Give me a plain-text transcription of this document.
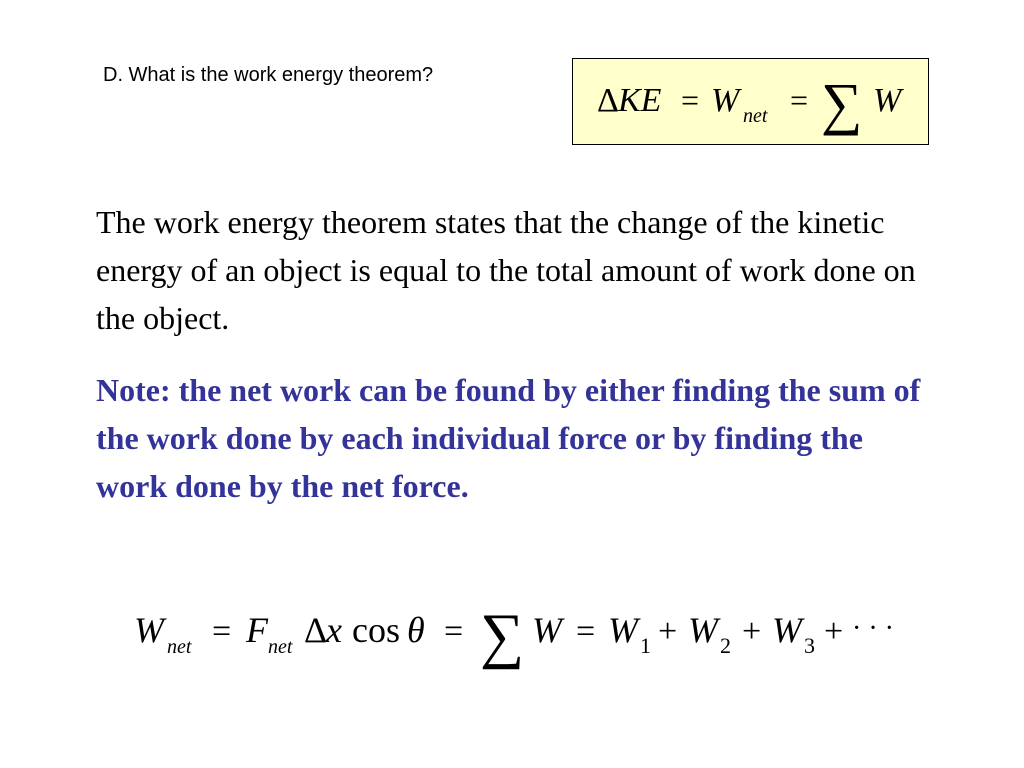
D. What is the work energy theorem?
Δ KE = W net = ∑ W

The work energy theorem states that the change of the kinetic energy of an object is equal to the total amount of work done on the object.

Note: the net work can be found by either finding the sum of the work done by each individual force or by finding the work done by the net force.

W net = F net Δ
x cos θ = ∑ W = W 1 + W 2 + W 3 + · · ·
